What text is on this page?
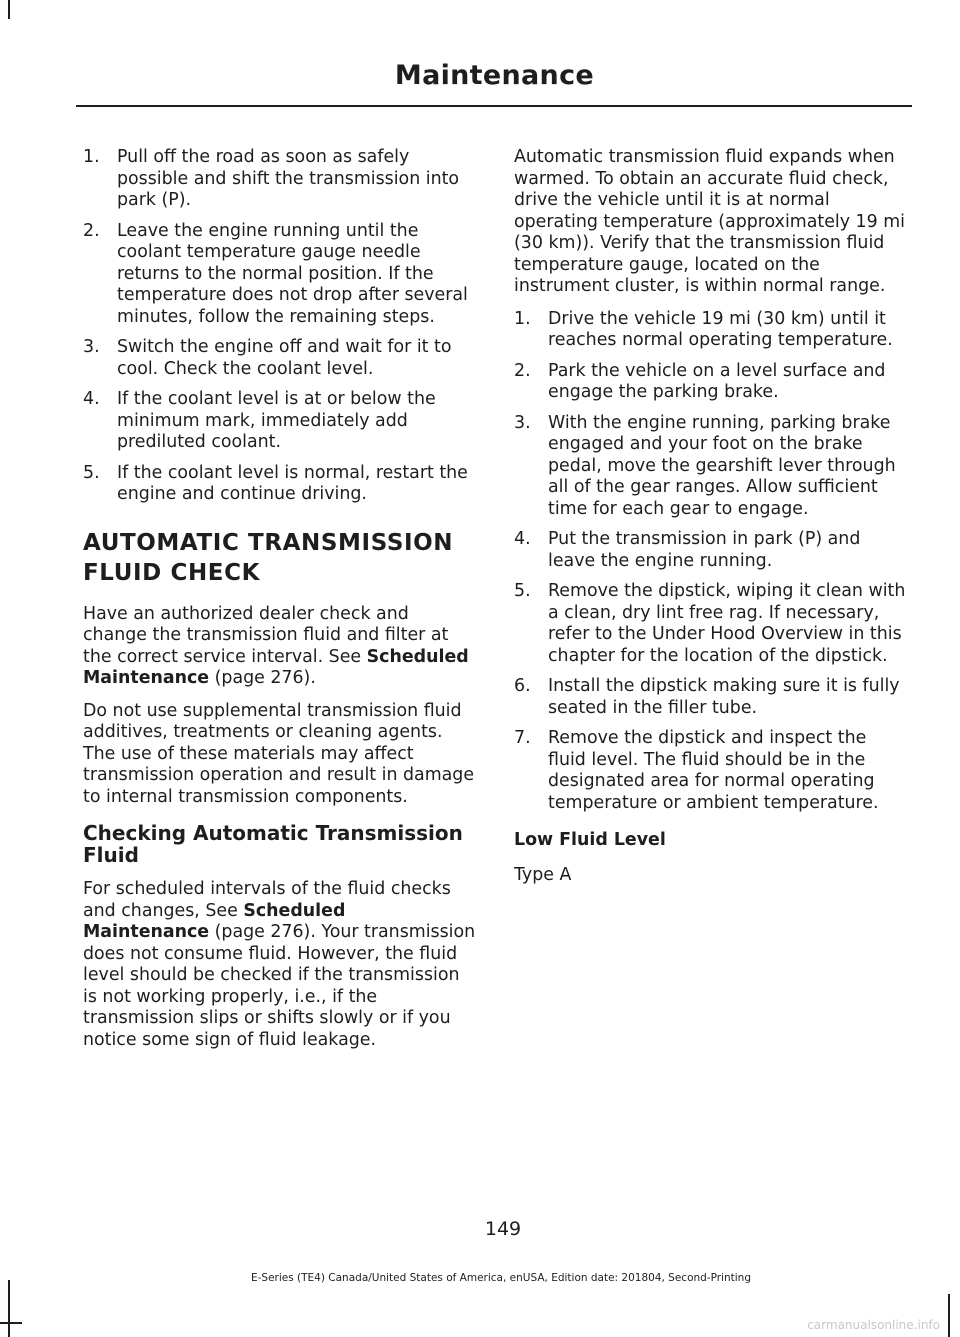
Maintenance
1. Pull off the road as soon as safely possible and shift the transmission into park (P).
2. Leave the engine running until the coolant temperature gauge needle returns to the normal position. If the temperature does not drop after several minutes, follow the remaining steps.
3. Switch the engine off and wait for it to cool. Check the coolant level.
4. If the coolant level is at or below the minimum mark, immediately add prediluted coolant.
5. If the coolant level is normal, restart the engine and continue driving.
AUTOMATIC TRANSMISSION
FLUID CHECK

Have an authorized dealer check and change the transmission fluid and filter at the correct service interval. See Scheduled Maintenance (page 276).

Do not use supplemental transmission fluid additives, treatments or cleaning agents. The use of these materials may affect transmission operation and result in damage to internal transmission components.

Checking Automatic Transmission Fluid

For scheduled intervals of the fluid checks and changes, See Scheduled Maintenance (page 276). Your transmission does not consume fluid. However, the fluid level should be checked if the transmission is not working properly, i.e., if the transmission slips or shifts slowly or if you notice some sign of fluid leakage.

Automatic transmission fluid expands when warmed. To obtain an accurate fluid check, drive the vehicle until it is at normal operating temperature (approximately 19 mi (30 km)). Verify that the transmission fluid temperature gauge, located on the instrument cluster, is within normal range.

1. Drive the vehicle 19 mi (30 km) until it reaches normal operating temperature.
2. Park the vehicle on a level surface and engage the parking brake.
3. With the engine running, parking brake engaged and your foot on the brake pedal, move the gearshift lever through all of the gear ranges. Allow sufficient time for each gear to engage.
4. Put the transmission in park (P) and leave the engine running.
5. Remove the dipstick, wiping it clean with a clean, dry lint free rag. If necessary, refer to the Under Hood Overview in this chapter for the location of the dipstick.
6. Install the dipstick making sure it is fully seated in the filler tube.
7. Remove the dipstick and inspect the fluid level. The fluid should be in the designated area for normal operating temperature or ambient temperature.
Low Fluid Level

Type A

149
E-Series (TE4) Canada/United States of America, enUSA, Edition date: 201804, Second-Printing
carmanualsonline.info
